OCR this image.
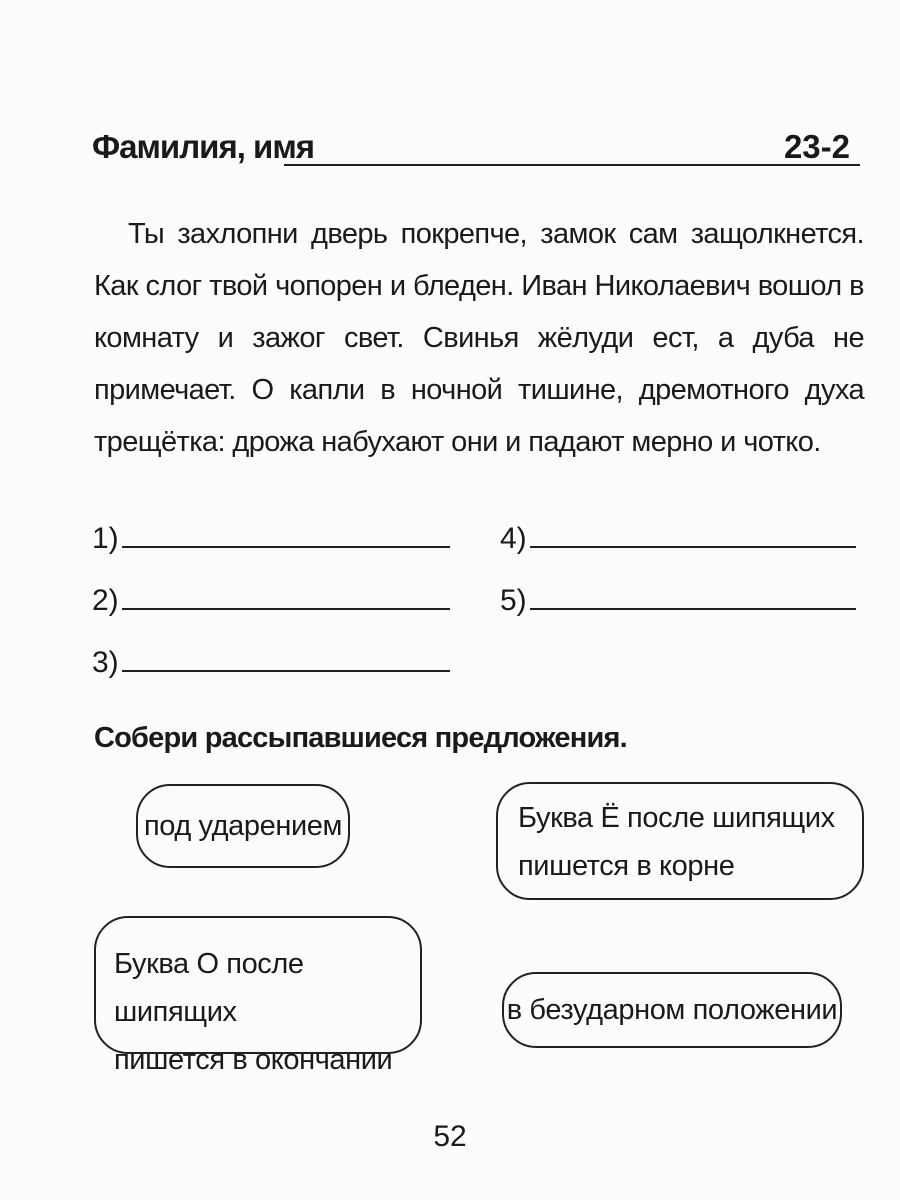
Фамилия, имя	23-2

Ты захлопни дверь покрепче, замок сам защолкнется. Как слог твой чопорен и бледен. Иван Николаевич вошол в комнату и зажог свет. Свинья жёлуди ест, а дуба не примечает. О капли в ночной тишине, дремотного духа трещётка: дрожа набухают они и падают мерно и чотко.

1)
2)
3)
4)
5)
Собери рассыпавшиеся предложения.
под ударением	Буква Ё после шипящих
пишется в корне
Буква О после шипящих
пишется в окончании
в безударном положении
52
